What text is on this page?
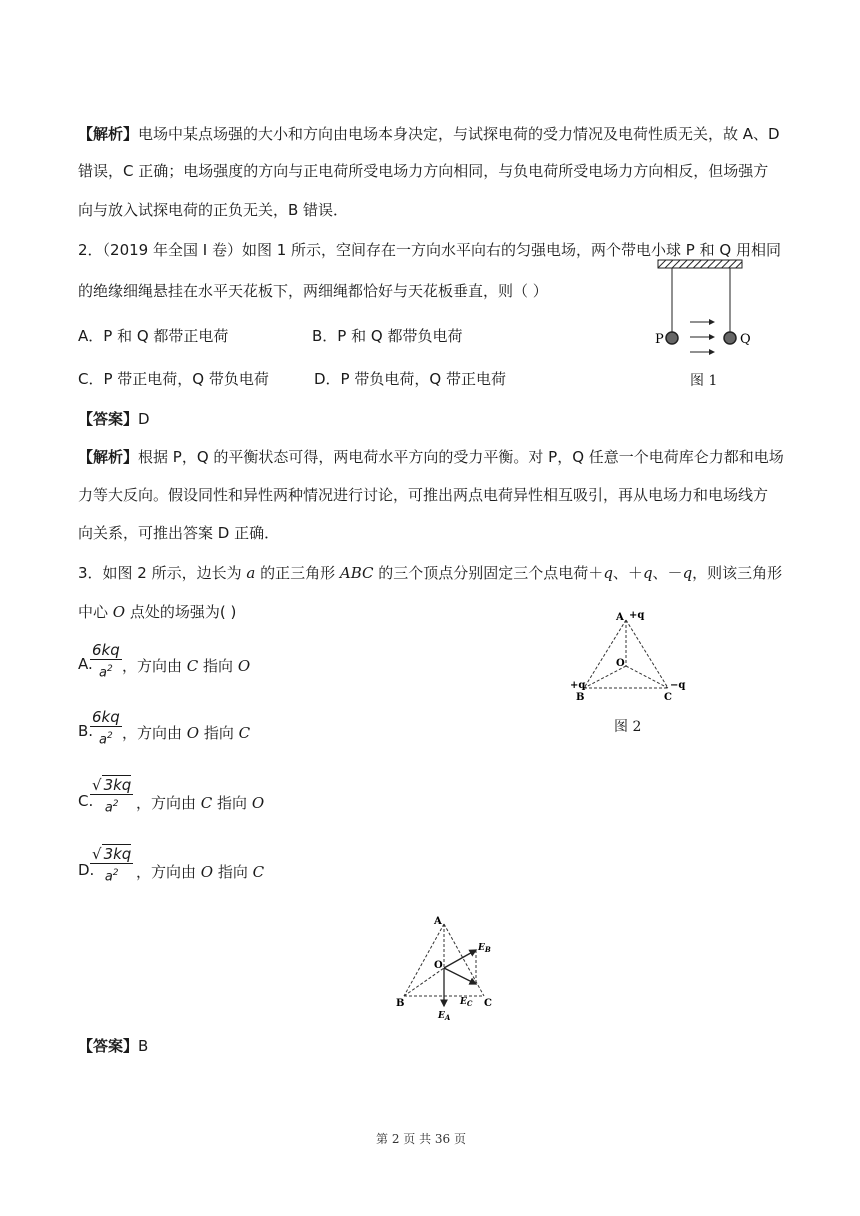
【解析】电场中某点场强的大小和方向由电场本身决定，与试探电荷的受力情况及电荷性质无关，故 A、D
错误，C 正确；电场强度的方向与正电荷所受电场力方向相同，与负电荷所受电场力方向相反，但场强方
向与放入试探电荷的正负无关，B 错误．
2．（2019 年全国 I 卷）如图 1 所示，空间存在一方向水平向右的匀强电场，两个带电小球 P 和 Q 用相同
的绝缘细绳悬挂在水平天花板下，两细绳都恰好与天花板垂直，则（ ）
A．P 和 Q 都带正电荷	B．P 和 Q 都带负电荷
C．P 带正电荷，Q 带负电荷	D．P 带负电荷，Q 带正电荷
P	Q
图 1
【答案】D
【解析】根据 P，Q 的平衡状态可得，两电荷水平方向的受力平衡。对 P，Q 任意一个电荷库仑力都和电场
力等大反向。假设同性和异性两种情况进行讨论，可推出两点电荷异性相互吸引，再从电场力和电场线方
向关系，可推出答案 D 正确．
3．如图 2 所示，边长为 a 的正三角形 ABC 的三个顶点分别固定三个点电荷＋q、＋q、－q，则该三角形
中心 O 点处的场强为( )
A.
6kq
$a^2$ ，方向由 C 指向 O
B.
6kq
$a^2$ ，方向由 O 指向 C
C.
√ 3kq
$a^2$	，方向由 C 指向 O
D.
√ 3kq
$a^2$	，方向由 O 指向 C
A +q
+q
B
−q
C
O
图 2
A
B	C
O
$E_B$
$E_C$
$E_A$
【答案】B
第 2 页 共 36 页
